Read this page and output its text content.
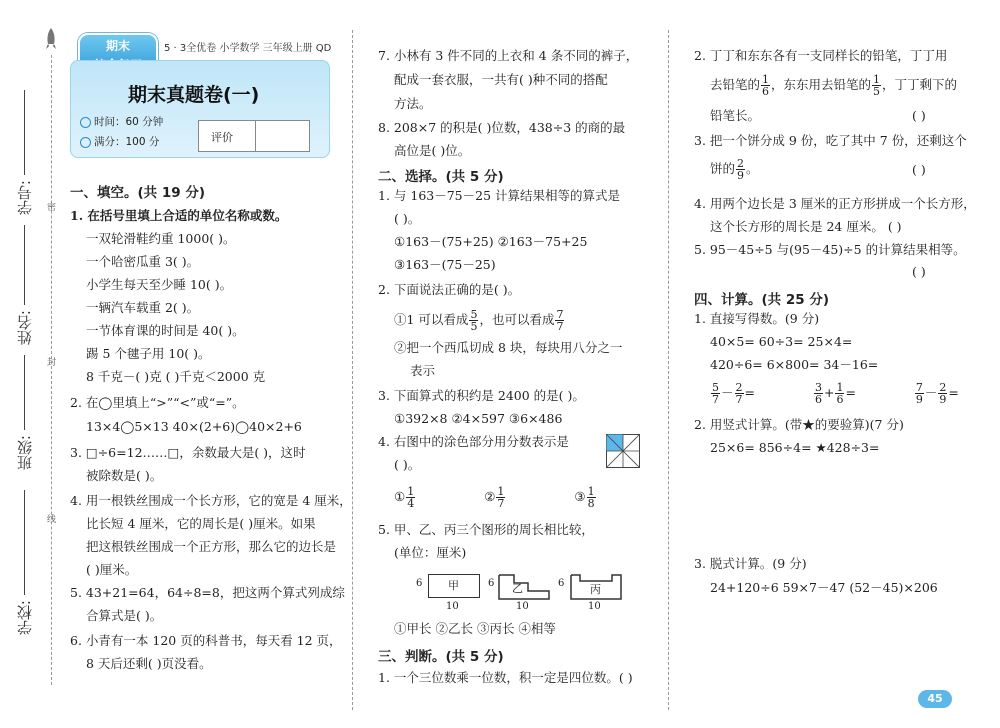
密
封
线
学号:
姓名:
班级:
学校:
期末	5 · 3全优卷 小学数学 三年级上册 QD
期末真题卷(一)
时间：60 分钟
满分：100 分	评价
一、填空。(共 19 分)
1. 在括号里填上合适的单位名称或数。
一双轮滑鞋约重 1000( )。
一个哈密瓜重 3( )。
小学生每天至少睡 10( )。
一辆汽车载重 2( )。
一节体育课的时间是 40( )。
踢 5 个毽子用 10( )。
8 千克－( )克 ( )千克＜2000 克
2. 在◯里填上“>”“<”或“=”。
13×4◯5×13 40×(2+6)◯40×2+6
3. □÷6=12……□，余数最大是( )，这时
被除数是( )。
4. 用一根铁丝围成一个长方形，它的宽是 4 厘米，
比长短 4 厘米，它的周长是( )厘米。如果
把这根铁丝围成一个正方形，那么它的边长是
( )厘米。
5. 43+21=64，64÷8=8，把这两个算式列成综
合算式是( )。
6. 小青有一本 120 页的科普书，每天看 12 页，
8 天后还剩( )页没看。
7. 小林有 3 件不同的上衣和 4 条不同的裤子，
配成一套衣服，一共有( )种不同的搭配
方法。
8. 208×7 的积是( )位数，438÷3 的商的最
高位是( )位。
二、选择。(共 5 分)
1. 与 163－75－25 计算结果相等的算式是
( )。
①163－(75+25) ②163－75+25
③163－(75－25)
2. 下面说法正确的是( )。
①1 可以看成 $\frac{5}{5}$ ，也可以看成 $\frac{7}{7}$
②把一个西瓜切成 8 块，每块用八分之一
表示
3. 下面算式的积约是 2400 的是( )。
①392×8 ②4×597 ③6×486
4. 右图中的涂色部分用分数表示是
( )。
① $\frac{1}{4}$	② $\frac{1}{7}$	③ $\frac{1}{8}$
5. 甲、乙、丙三个图形的周长相比较，
(单位：厘米)
6 甲
10
6 乙
10
6 丙
10
①甲长 ②乙长 ③丙长 ④相等
三、判断。(共 5 分)
1. 一个三位数乘一位数，积一定是四位数。( )
2. 丁丁和东东各有一支同样长的铅笔，丁丁用
去铅笔的 $\frac{1}{6}$ ，东东用去铅笔的 $\frac{1}{5}$ ，丁丁剩下的
铅笔长。	( )
3. 把一个饼分成 9 份，吃了其中 7 份，还剩这个
饼的 $\frac{2}{9}$ 。	( )
4. 用两个边长是 3 厘米的正方形拼成一个长方形，
这个长方形的周长是 24 厘米。 ( )
5. 95－45÷5 与(95－45)÷5 的计算结果相等。
( )
四、计算。(共 25 分)
1. 直接写得数。(9 分)
40×5= 60÷3= 25×4=
420÷6= 6×800= 34－16=
$\frac{5}{7} - \frac{2}{7}$ =	$\frac{3}{6} + \frac{1}{6}$ =	$\frac{7}{9} - \frac{2}{9}$ =
2. 用竖式计算。(带★的要验算)(7 分)
25×6= 856÷4= ★428÷3=
3. 脱式计算。(9 分)
24+120÷6 59×7－47 (52－45)×206
45
